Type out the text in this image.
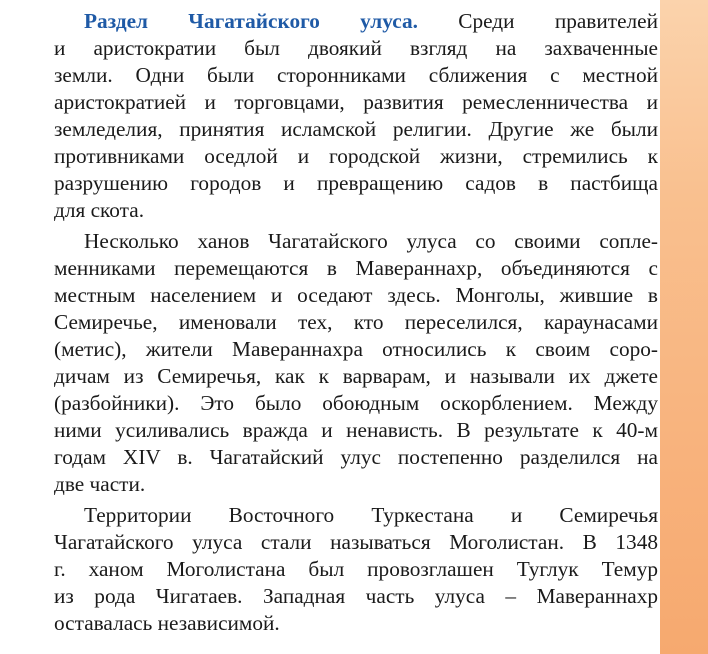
Раздел Чагатайского улуса. Среди правителей
и аристократии был двоякий взгляд на захваченные
земли. Одни были сторонниками сближения с местной
аристократией и торговцами, развития ремесленничества и
земледелия, принятия исламской религии. Другие же были
противниками оседлой и городской жизни, стремились к
разрушению городов и превращению садов в пастбища
для скота.

Несколько ханов Чагатайского улуса со своими сопле-
менниками перемещаются в Мавераннахр, объединяются с
местным населением и оседают здесь. Монголы, жившие в
Семиречье, именовали тех, кто переселился, караунасами
(метис), жители Мавераннахра относились к своим соро-
дичам из Семиречья, как к варварам, и называли их джете
(разбойники). Это было обоюдным оскорблением. Между
ними усиливались вражда и ненависть. В результате к 40-м
годам XIV в. Чагатайский улус постепенно разделился на
две части.

Территории Восточного Туркестана и Семиречья
Чагатайского улуса стали называться Моголистан. В 1348
г. ханом Моголистана был провозглашен Туглук Темур
из рода Чигатаев. Западная часть улуса – Мавераннахр
оставалась независимой.
